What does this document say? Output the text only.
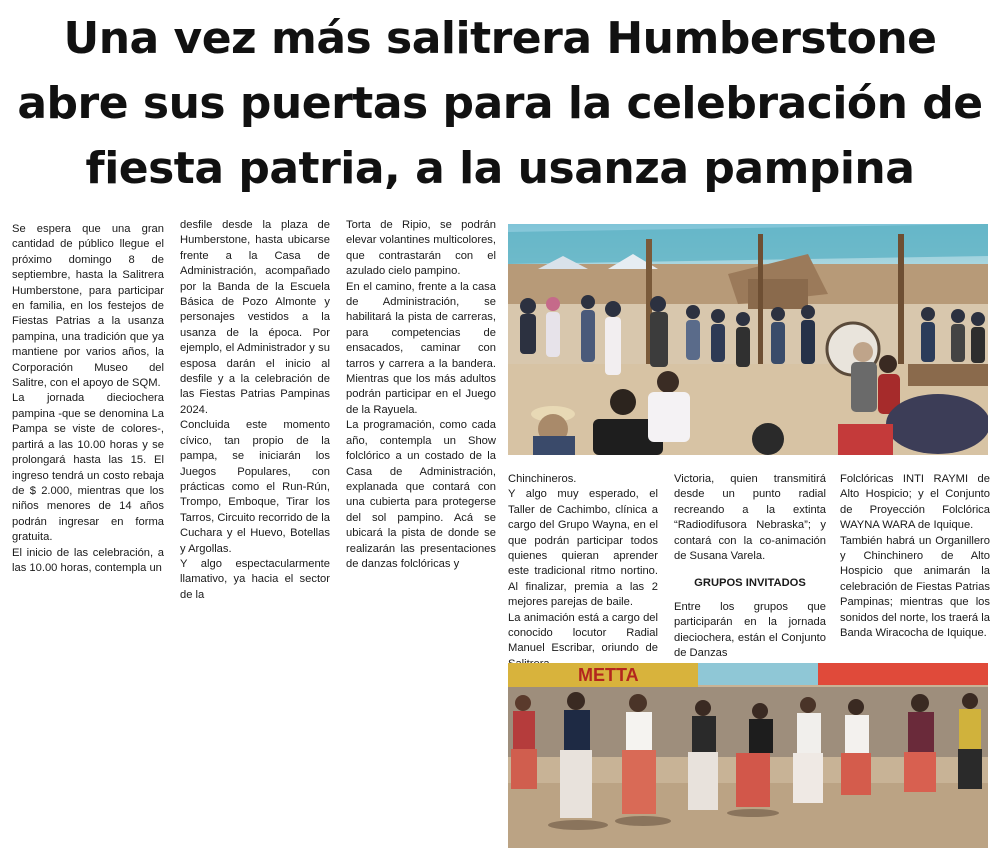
Una vez más salitrera Humberstone
abre sus puertas para la celebración de
fiesta patria, a la usanza pampina

Se espera que una gran cantidad de público llegue el próximo domingo 8 de septiembre, hasta la Salitrera Humberstone, para participar en familia, en los festejos de Fiestas Patrias a la usanza pampina, una tradición que ya mantiene por varios años, la Corporación Museo del Salitre, con el apoyo de SQM.

La jornada dieciochera pampina -que se denomina La Pampa se viste de colores-, partirá a las 10.00 horas y se prolongará hasta las 15. El ingreso tendrá un costo rebaja de $ 2.000, mientras que los niños menores de 14 años podrán ingresar en forma gratuita.

El inicio de las celebración, a las 10.00 horas, contempla un

desfile desde la plaza de Humberstone, hasta ubicarse frente a la Casa de Administración, acompañado por la Banda de la Escuela Básica de Pozo Almonte y personajes vestidos a la usanza de la época. Por ejemplo, el Administrador y su esposa darán el inicio al desfile y a la celebración de las Fiestas Patrias Pampinas 2024.

Concluida este momento cívico, tan propio de la pampa, se iniciarán los Juegos Populares, con prácticas como el Run-Rún, Trompo, Emboque, Tirar los Tarros, Circuito recorrido de la Cuchara y el Huevo, Botellas y Argollas.

Y algo espectacularmente llamativo, ya hacia el sector de la

Torta de Ripio, se podrán elevar volantines multicolores, que contrastarán con el azulado cielo pampino.

En el camino, frente a la casa de Administración, se habilitará la pista de carreras, para competencias de ensacados, caminar con tarros y carrera a la bandera. Mientras que los más adultos podrán participar en el Juego de la Rayuela.

La programación, como cada año, contempla un Show folclórico a un costado de la Casa de Administración, explanada que contará con una cubierta para protegerse del sol pampino. Acá se ubicará la pista de donde se realizarán las presentaciones de danzas folclóricas y

Chinchineros.

Y algo muy esperado, el Taller de Cachimbo, clínica a cargo del Grupo Wayna, en el que podrán participar todos quienes quieran aprender este tradicional ritmo nortino. Al finalizar, premia a las 2 mejores parejas de baile.

La animación está a cargo del conocido locutor Radial Manuel Escribar, oriundo de

Victoria, quien transmitirá desde un punto radial recreando a la extinta “Radiodifusora Nebraska”; y contará con la co-animación de Susana Varela.

GRUPOS INVITADOS

Entre los grupos que participarán en la jornada dieciochera, están el Conjunto de Danzas

Folclóricas INTI RAYMI de Alto Hospicio; y el Conjunto de Proyección Folclórica WAYNA WARA de Iquique.

También habrá un Organillero y Chinchinero de Alto Hospicio que animarán la celebración de Fiestas Patrias Pampinas; mientras que los sonidos del norte, los traerá la Banda Wiracocha de Iquique.

METTA
